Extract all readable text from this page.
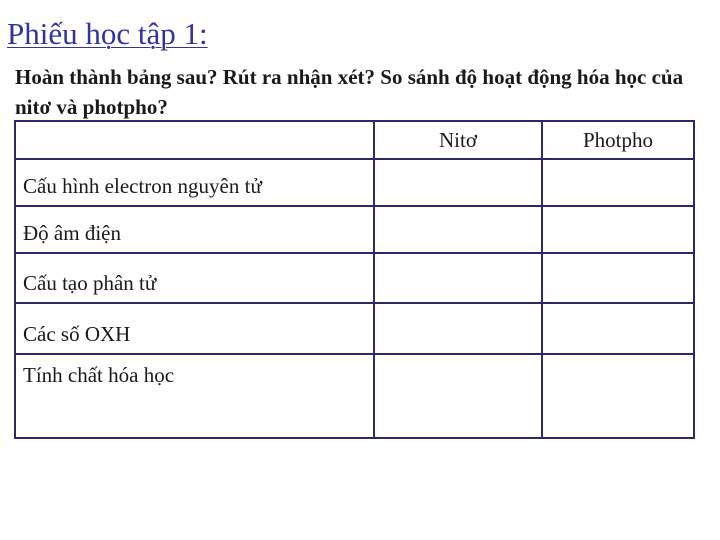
Phiếu học tập 1:
Hoàn thành bảng sau? Rút ra nhận xét? So sánh độ hoạt động hóa học của nitơ và photpho?
	Nitơ	Photpho
Cấu hình electron nguyên tử		
Độ âm điện		
Cấu tạo phân tử		
Các số OXH		
Tính chất hóa học		
